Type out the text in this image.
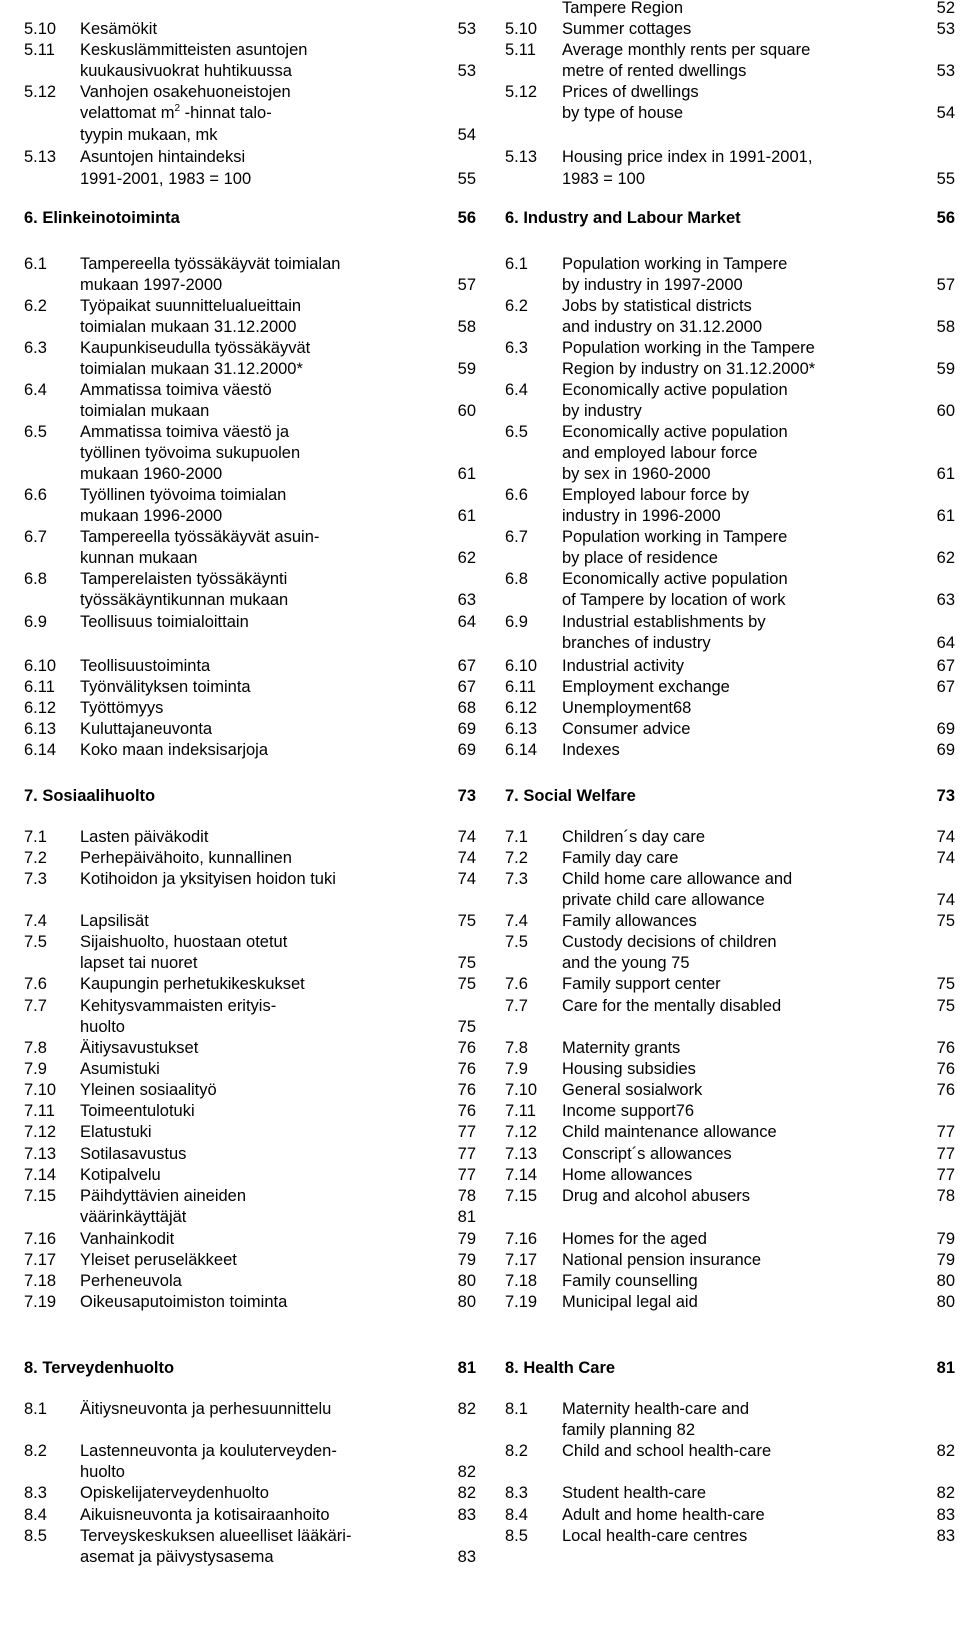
5.10 Kesämökit	53
5.11 Keskuslämmitteisten asuntojen
kuukausivuokrat huhtikuussa	53
5.12 Vanhojen osakehuoneistojen
velattomat $m^2$ -hinnat talo-
tyypin mukaan, mk	54
5.13 Asuntojen hintaindeksi
1991-2001, 1983 = 100	55
6. Elinkeinotoiminta	56
6.1 Tampereella työssäkäyvät toimialan
mukaan 1997-2000	57
6.2 Työpaikat suunnittelualueittain
toimialan mukaan 31.12.2000	58
6.3 Kaupunkiseudulla työssäkäyvät
toimialan mukaan 31.12.2000*	59
6.4 Ammatissa toimiva väestö
toimialan mukaan	60
6.5 Ammatissa toimiva väestö ja
työllinen työvoima sukupuolen
mukaan 1960-2000	61
6.6 Työllinen työvoima toimialan
mukaan 1996-2000	61
6.7 Tampereella työssäkäyvät asuin-
kunnan mukaan	62
6.8 Tamperelaisten työssäkäynti
työssäkäyntikunnan mukaan	63
6.9 Teollisuus toimialoittain	64
6.10 Teollisuustoiminta	67
6.11 Työnvälityksen toiminta	67
6.12 Työttömyys	68
6.13 Kuluttajaneuvonta	69
6.14 Koko maan indeksisarjoja	69
7. Sosiaalihuolto	73
7.1 Lasten päiväkodit	74
7.2 Perhepäivähoito, kunnallinen	74
7.3 Kotihoidon ja yksityisen hoidon tuki	74
7.4 Lapsilisät	75
7.5 Sijaishuolto, huostaan otetut
lapset tai nuoret	75
7.6 Kaupungin perhetukikeskukset	75
7.7 Kehitysvammaisten erityis-
huolto	75
7.8 Äitiysavustukset	76
7.9 Asumistuki	76
7.10 Yleinen sosiaalityö	76
7.11 Toimeentulotuki	76
7.12 Elatustuki	77
7.13 Sotilasavustus	77
7.14 Kotipalvelu	77
7.15 Päihdyttävien aineiden	78
väärinkäyttäjät	81
7.16 Vanhainkodit	79
7.17 Yleiset peruseläkkeet	79
7.18 Perheneuvola	80
7.19 Oikeusaputoimiston toiminta	80
8. Terveydenhuolto	81
8.1 Äitiysneuvonta ja perhesuunnittelu	82
8.2 Lastenneuvonta ja kouluterveyden-
huolto	82
8.3 Opiskelijaterveydenhuolto	82
8.4 Aikuisneuvonta ja kotisairaanhoito	83
8.5 Terveyskeskuksen alueelliset lääkäri-
asemat ja päivystysasema	83
Tampere Region	52
5.10 Summer cottages	53
5.11 Average monthly rents per square
metre of rented dwellings	53
5.12 Prices of dwellings
by type of house	54
5.13 Housing price index in 1991-2001,
1983 = 100	55
6. Industry and Labour Market	56
6.1 Population working in Tampere
by industry in 1997-2000	57
6.2 Jobs by statistical districts
and industry on 31.12.2000	58
6.3 Population working in the Tampere
Region by industry on 31.12.2000*	59
6.4 Economically active population
by industry	60
6.5 Economically active population
and employed labour force
by sex in 1960-2000	61
6.6 Employed labour force by
industry in 1996-2000	61
6.7 Population working in Tampere
by place of residence	62
6.8 Economically active population
of Tampere by location of work	63
6.9 Industrial establishments by
branches of industry	64
6.10 Industrial activity	67
6.11 Employment exchange	67
6.12 Unemployment68
6.13 Consumer advice	69
6.14 Indexes	69
7. Social Welfare	73
7.1 Children´s day care	74
7.2 Family day care	74
7.3 Child home care allowance and
private child care allowance	74
7.4 Family allowances	75
7.5 Custody decisions of children
and the young 75
7.6 Family support center	75
7.7 Care for the mentally disabled	75
7.8 Maternity grants	76
7.9 Housing subsidies	76
7.10 General sosialwork	76
7.11 Income support76
7.12 Child maintenance allowance	77
7.13 Conscript´s allowances	77
7.14 Home allowances	77
7.15 Drug and alcohol abusers	78
7.16 Homes for the aged	79
7.17 National pension insurance	79
7.18 Family counselling	80
7.19 Municipal legal aid	80
8. Health Care	81
8.1 Maternity health-care and
family planning 82
8.2 Child and school health-care	82
8.3 Student health-care	82
8.4 Adult and home health-care	83
8.5 Local health-care centres	83
